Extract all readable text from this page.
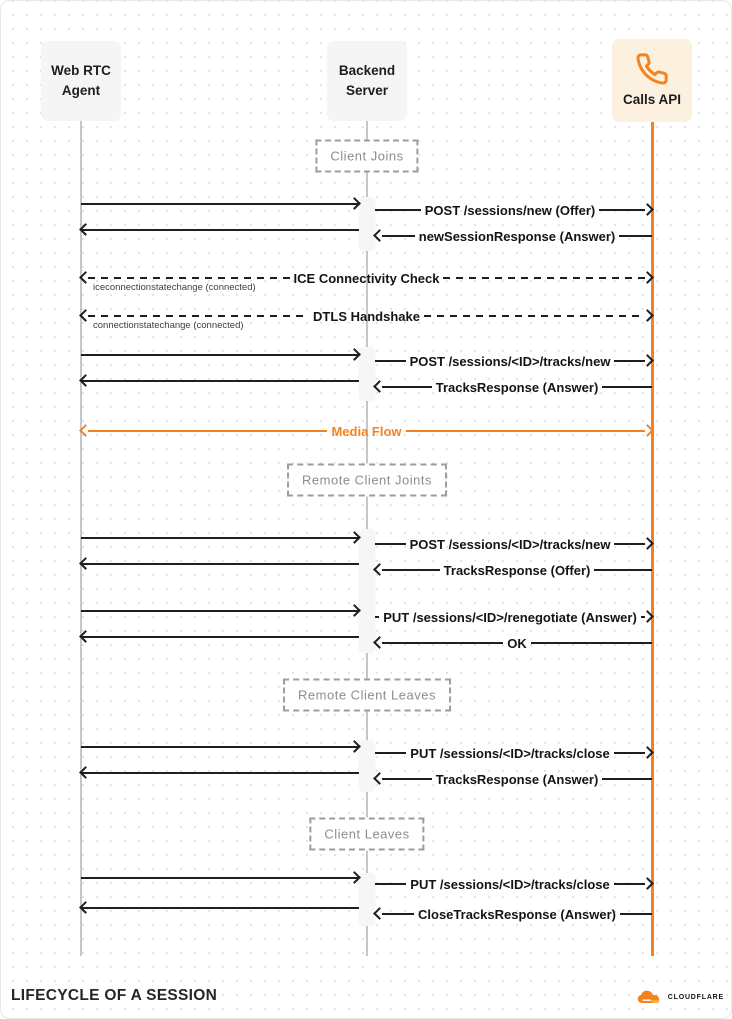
Web RTC
Agent
Backend
Server
Calls API
Client Joins
POST /sessions/new (Offer)
newSessionResponse (Answer)
ICE Connectivity Check
iceconnectionstatechange (connected)
DTLS Handshake
connectionstatechange (connected)
POST /sessions/<ID>/tracks/new
TracksResponse (Answer)
Media Flow
Remote Client Joints
POST /sessions/<ID>/tracks/new
TracksResponse (Offer)
PUT /sessions/<ID>/renegotiate (Answer)
OK
Remote Client Leaves
PUT /sessions/<ID>/tracks/close
TracksResponse (Answer)
Client Leaves
PUT /sessions/<ID>/tracks/close
CloseTracksResponse (Answer)
LIFECYCLE OF A SESSION	CLOUDFLARE
